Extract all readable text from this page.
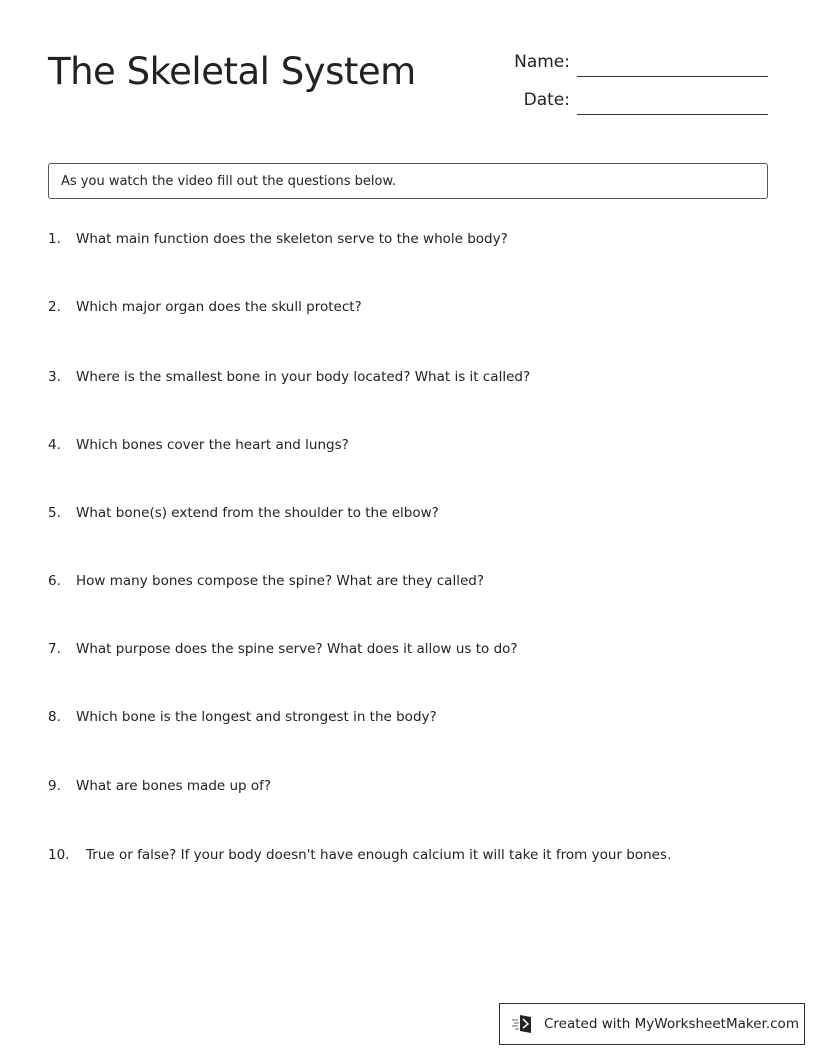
The Skeletal System	Name:
Date:
As you watch the video fill out the questions below.
1. What main function does the skeleton serve to the whole body?
2. Which major organ does the skull protect?
3. Where is the smallest bone in your body located? What is it called?
4. Which bones cover the heart and lungs?
5. What bone(s) extend from the shoulder to the elbow?
6. How many bones compose the spine? What are they called?
7. What purpose does the spine serve? What does it allow us to do?
8. Which bone is the longest and strongest in the body?
9. What are bones made up of?
10. True or false? If your body doesn't have enough calcium it will take it from your bones.
Created with MyWorksheetMaker.com
